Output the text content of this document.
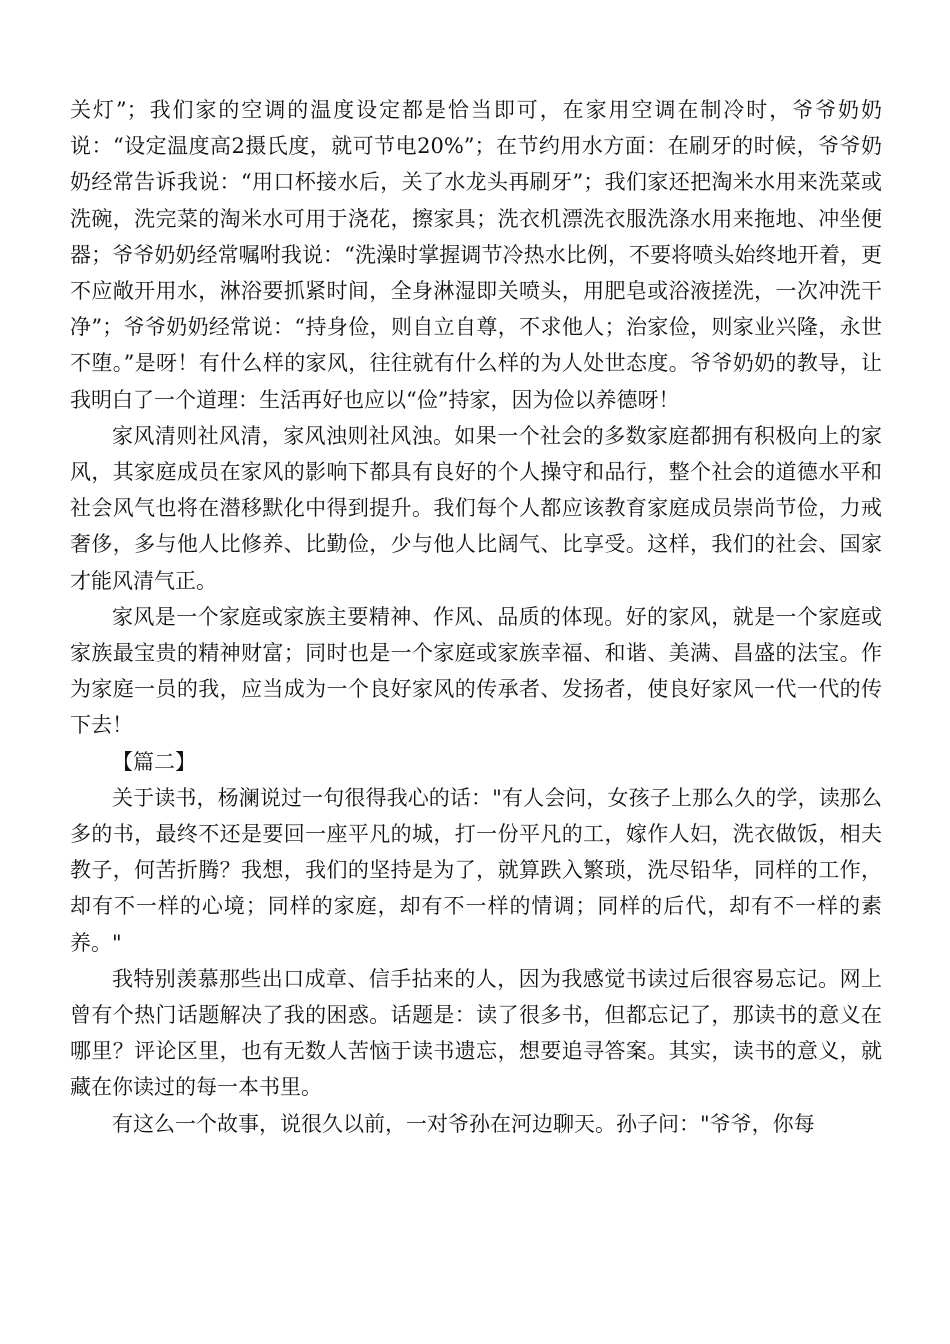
关灯”；我们家的空调的温度设定都是恰当即可，在家用空调在制冷时，爷爷奶奶说：“设定温度高2摄氏度，就可节电20%”；在节约用水方面：在刷牙的时候，爷爷奶奶经常告诉我说：“用口杯接水后，关了水龙头再刷牙”；我们家还把淘米水用来洗菜或洗碗，洗完菜的淘米水可用于浇花，擦家具；洗衣机漂洗衣服洗涤水用来拖地、冲坐便器；爷爷奶奶经常嘱咐我说：“洗澡时掌握调节冷热水比例，不要将喷头始终地开着，更不应敞开用水，淋浴要抓紧时间，全身淋湿即关喷头，用肥皂或浴液搓洗，一次冲洗干净”；爷爷奶奶经常说：“持身俭，则自立自尊，不求他人；治家俭，则家业兴隆，永世不堕。”是呀！有什么样的家风，往往就有什么样的为人处世态度。爷爷奶奶的教导，让我明白了一个道理：生活再好也应以“俭”持家，因为俭以养德呀！

家风清则社风清，家风浊则社风浊。如果一个社会的多数家庭都拥有积极向上的家风，其家庭成员在家风的影响下都具有良好的个人操守和品行，整个社会的道德水平和社会风气也将在潜移默化中得到提升。我们每个人都应该教育家庭成员崇尚节俭，力戒奢侈，多与他人比修养、比勤俭，少与他人比阔气、比享受。这样，我们的社会、国家才能风清气正。

家风是一个家庭或家族主要精神、作风、品质的体现。好的家风，就是一个家庭或家族最宝贵的精神财富；同时也是一个家庭或家族幸福、和谐、美满、昌盛的法宝。作为家庭一员的我，应当成为一个良好家风的传承者、发扬者，使良好家风一代一代的传下去！

【篇二】

关于读书，杨澜说过一句很得我心的话："有人会问，女孩子上那么久的学，读那么多的书，最终不还是要回一座平凡的城，打一份平凡的工，嫁作人妇，洗衣做饭，相夫教子，何苦折腾？我想，我们的坚持是为了，就算跌入繁琐，洗尽铅华，同样的工作，却有不一样的心境；同样的家庭，却有不一样的情调；同样的后代，却有不一样的素养。"

我特别羡慕那些出口成章、信手拈来的人，因为我感觉书读过后很容易忘记。网上曾有个热门话题解决了我的困惑。话题是：读了很多书，但都忘记了，那读书的意义在哪里？评论区里，也有无数人苦恼于读书遗忘，想要追寻答案。其实，读书的意义，就藏在你读过的每一本书里。

有这么一个故事，说很久以前，一对爷孙在河边聊天。孙子问："爷爷，你每
